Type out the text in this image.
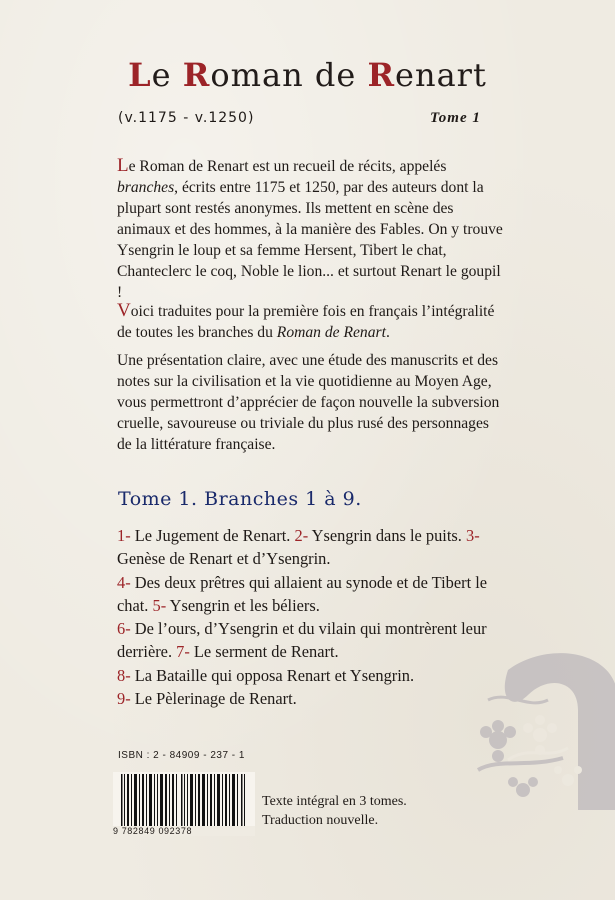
Le Roman de Renart
(v.1175 - v.1250)	Tome 1
Le Roman de Renart est un recueil de récits, appelés branches, écrits entre 1175 et 1250, par des auteurs dont la plupart sont restés anonymes. Ils mettent en scène des animaux et des hommes, à la manière des Fables. On y trouve Ysengrin le loup et sa femme Hersent, Tibert le chat, Chanteclerc le coq, Noble le lion... et surtout Renart le goupil !
Voici traduites pour la première fois en français l’intégralité de toutes les branches du Roman de Renart.
Une présentation claire, avec une étude des manuscrits et des notes sur la civilisation et la vie quotidienne au Moyen Age, vous permettront d’apprécier de façon nouvelle la subversion cruelle, savoureuse ou triviale du plus rusé des personnages de la littérature française.
Tome 1. Branches 1 à 9.
1- Le Jugement de Renart. 2- Ysengrin dans le puits. 3- Genèse de Renart et d’Ysengrin.
4- Des deux prêtres qui allaient au synode et de Tibert le chat. 5- Ysengrin et les béliers.
6- De l’ours, d’Ysengrin et du vilain qui montrèrent leur derrière. 7- Le serment de Renart.
8- La Bataille qui opposa Renart et Ysengrin.
9- Le Pèlerinage de Renart.
ISBN : 2 - 84909 - 237 - 1
9 782849 092378
Texte intégral en 3 tomes.
Traduction nouvelle.
